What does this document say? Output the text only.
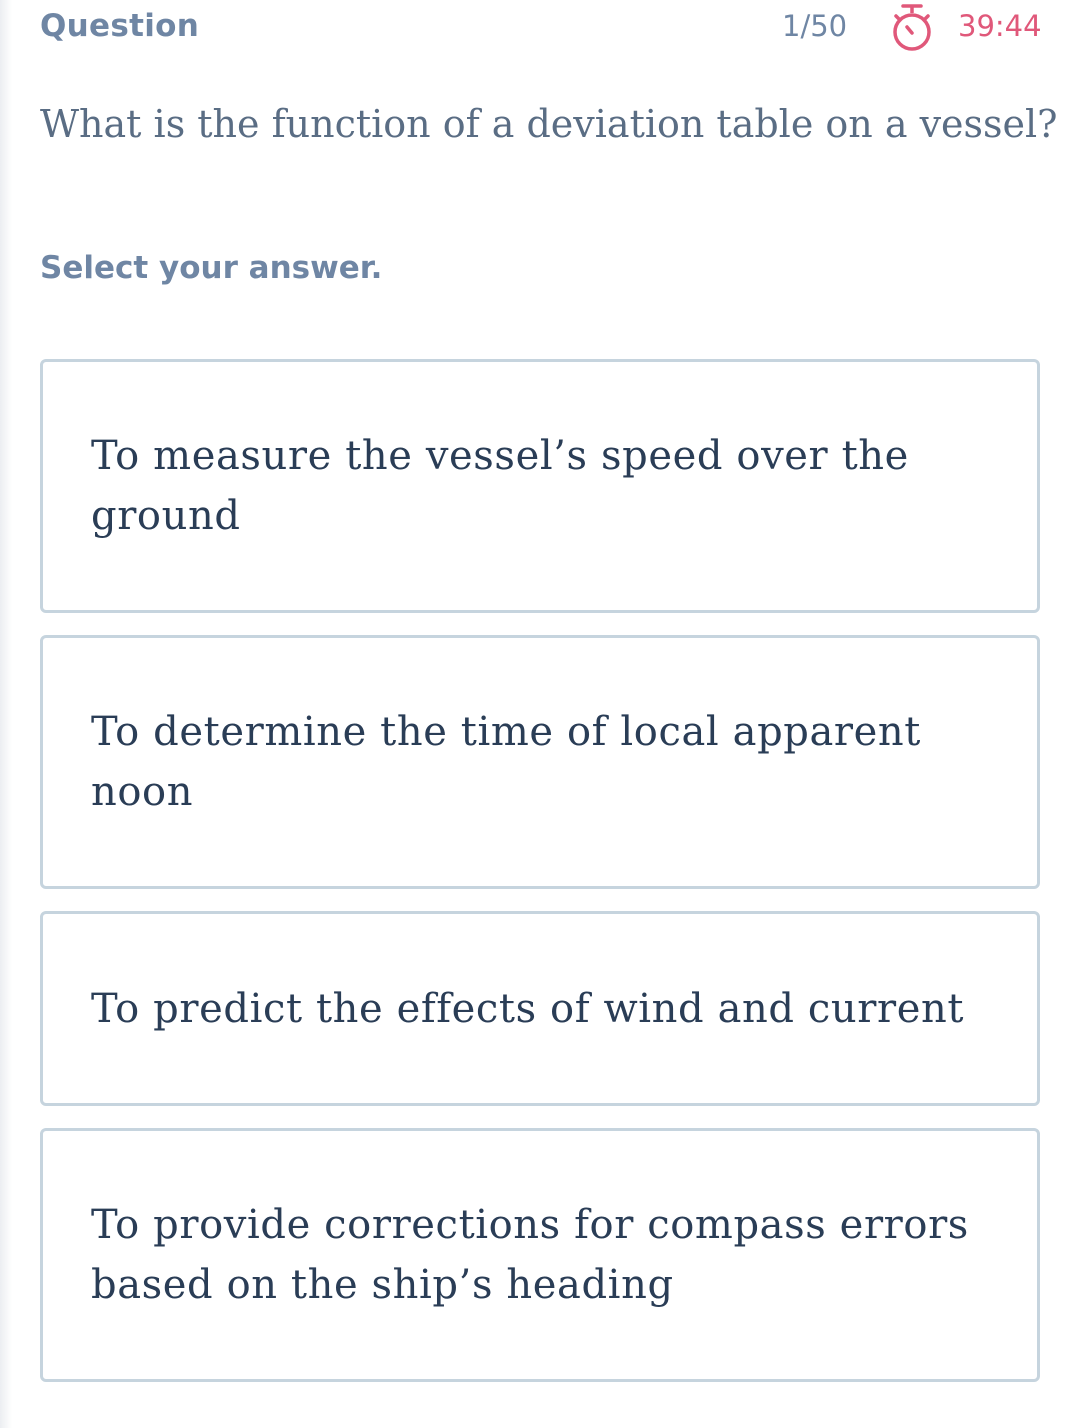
Question	1/50	39:44
What is the function of a deviation table on a vessel?
Select your answer.
To measure the vessel’s speed over the ground
To determine the time of local apparent noon
To predict the effects of wind and current
To provide corrections for compass errors based on the ship’s heading
